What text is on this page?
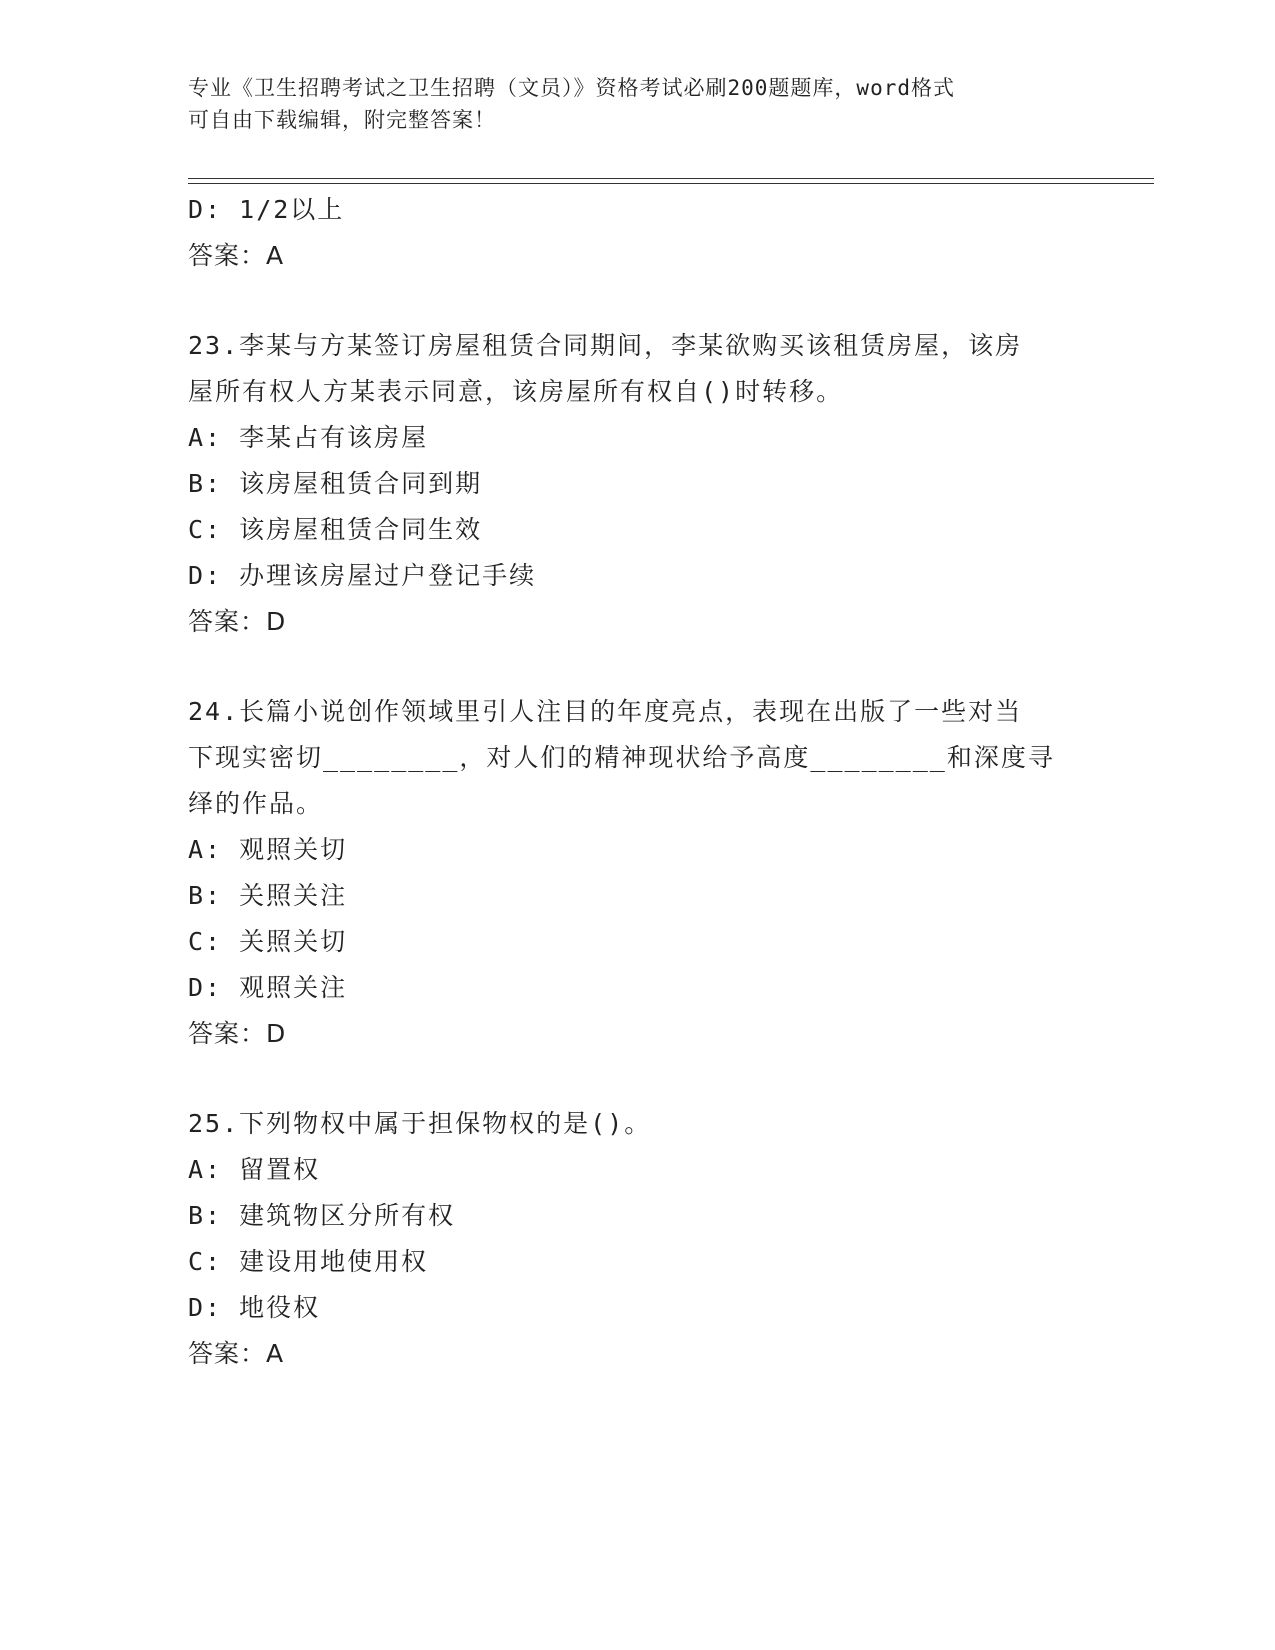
专业《卫生招聘考试之卫生招聘（文员）》资格考试必刷200题题库，word格式
可自由下载编辑，附完整答案！
D: 1/2以上
答案：A
23.李某与方某签订房屋租赁合同期间，李某欲购买该租赁房屋，该房
屋所有权人方某表示同意，该房屋所有权自()时转移。
A: 李某占有该房屋
B: 该房屋租赁合同到期
C: 该房屋租赁合同生效
D: 办理该房屋过户登记手续
答案：D
24.长篇小说创作领域里引人注目的年度亮点，表现在出版了一些对当
下现实密切________，对人们的精神现状给予高度________和深度寻
绎的作品。
A: 观照关切
B: 关照关注
C: 关照关切
D: 观照关注
答案：D
25.下列物权中属于担保物权的是()。
A: 留置权
B: 建筑物区分所有权
C: 建设用地使用权
D: 地役权
答案：A
